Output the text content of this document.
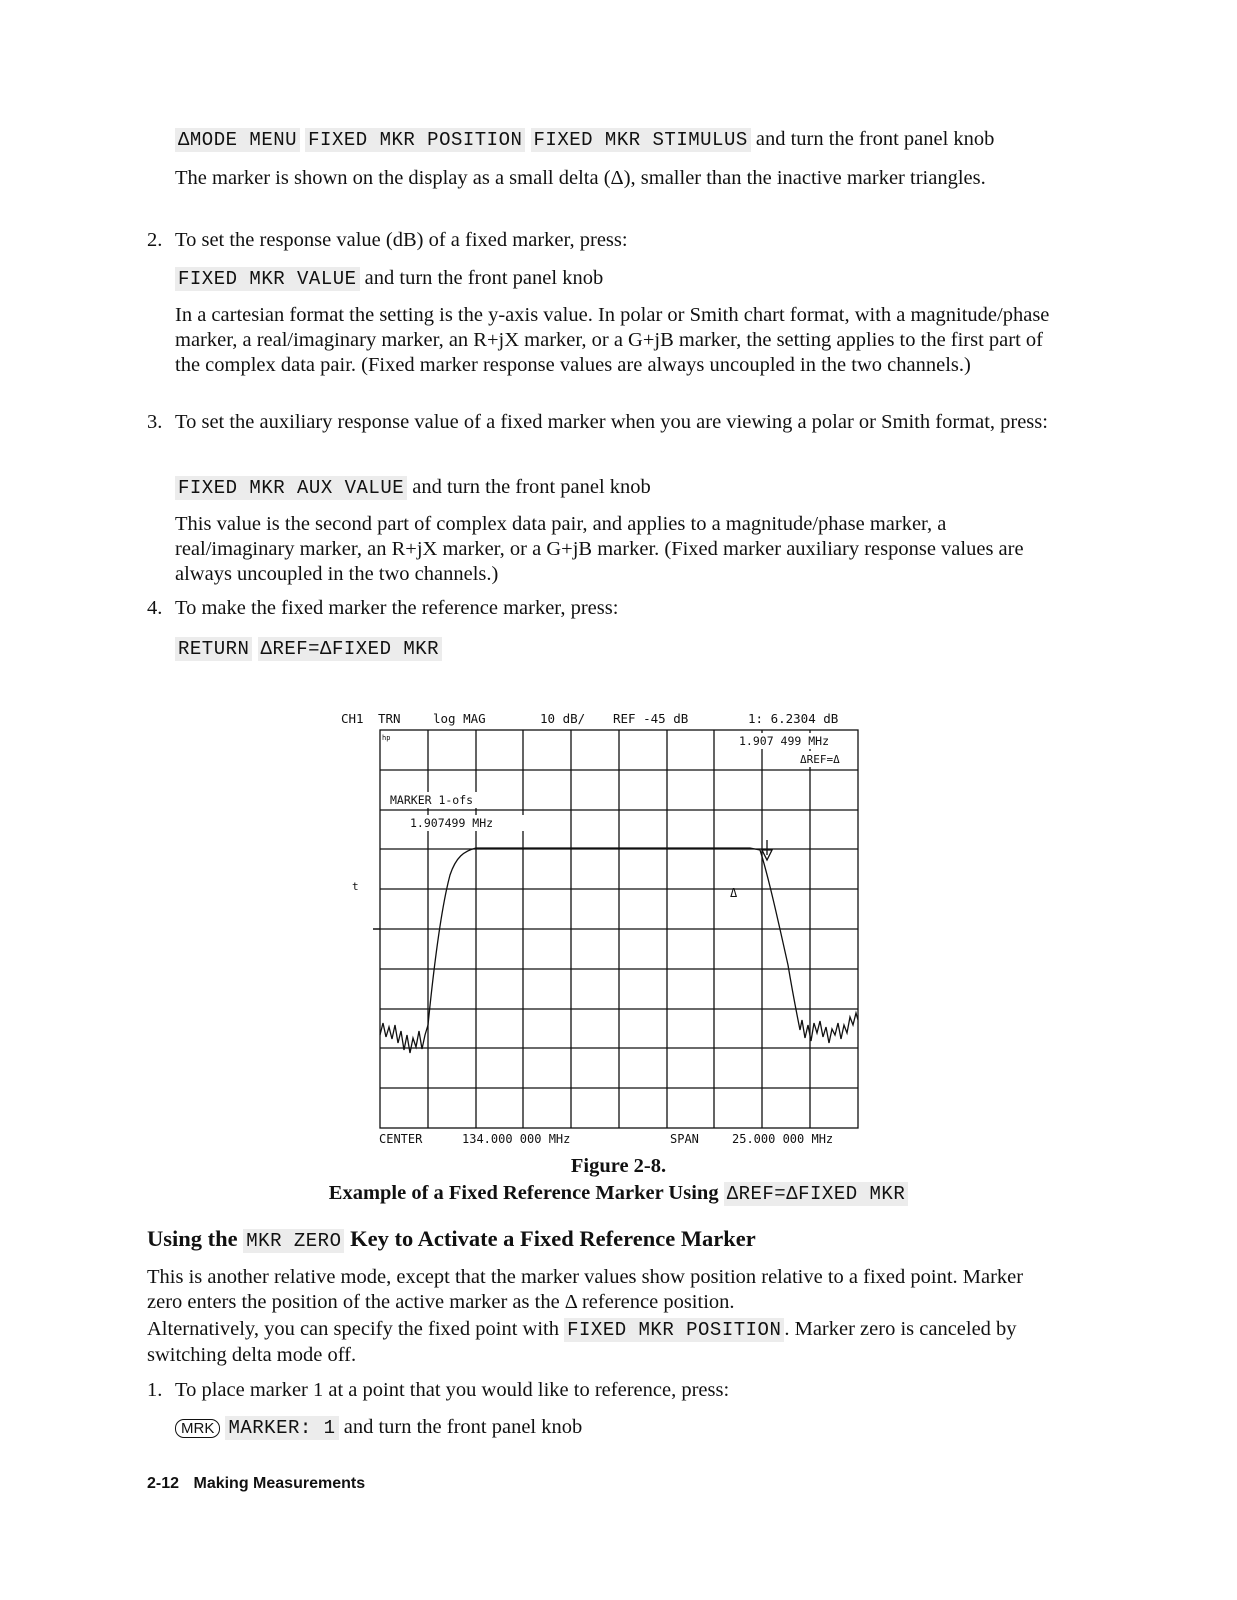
ΔMODE MENU FIXED MKR POSITION FIXED MKR STIMULUS and turn the front panel knob
The marker is shown on the display as a small delta (Δ), smaller than the inactive marker triangles.
2. To set the response value (dB) of a fixed marker, press:
FIXED MKR VALUE and turn the front panel knob
In a cartesian format the setting is the y-axis value. In polar or Smith chart format, with a magnitude/phase marker, a real/imaginary marker, an R+jX marker, or a G+jB marker, the setting applies to the first part of the complex data pair. (Fixed marker response values are always uncoupled in the two channels.)
3. To set the auxiliary response value of a fixed marker when you are viewing a polar or Smith format, press:
FIXED MKR AUX VALUE and turn the front panel knob
This value is the second part of complex data pair, and applies to a magnitude/phase marker, a real/imaginary marker, an R+jX marker, or a G+jB marker. (Fixed marker auxiliary response values are always uncoupled in the two channels.)
4. To make the fixed marker the reference marker, press:
RETURN ΔREF=ΔFIXED MKR
CH1 TRN	log MAG	10 dB/ REF -45 dB	1: 6.2304 dB
1.907 499 MHz
ΔREF=Δ
hp
MARKER 1-ofs
1.907499 MHz
t	Δ
CENTER	134.000 000 MHz	SPAN	25.000 000 MHz
Figure 2-8.
Example of a Fixed Reference Marker Using ΔREF=ΔFIXED MKR
Using the MKR ZERO Key to Activate a Fixed Reference Marker
This is another relative mode, except that the marker values show position relative to a fixed point. Marker zero enters the position of the active marker as the Δ reference position.
Alternatively, you can specify the fixed point with FIXED MKR POSITION . Marker zero is canceled by switching delta mode off.
1. To place marker 1 at a point that you would like to reference, press:
MRK MARKER: 1 and turn the front panel knob
2-12 Making Measurements
